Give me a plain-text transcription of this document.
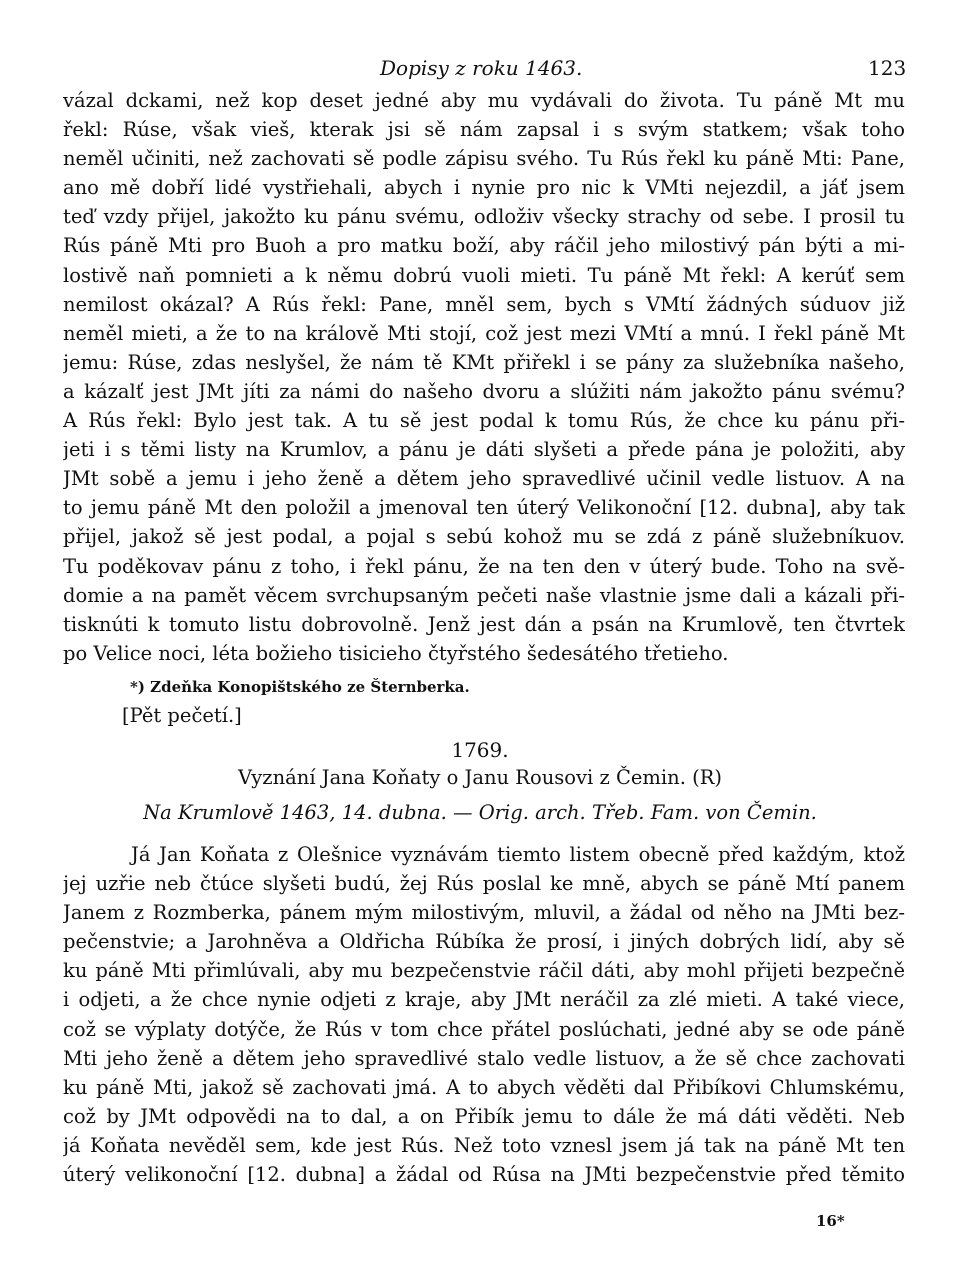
Dopisy z roku 1463.	123
vázal dckami, než kop deset jedné aby mu vydávali do života. Tu páně Mt mu
řekl: Rúse, však vieš, kterak jsi sě nám zapsal i s svým statkem; však toho
neměl učiniti, než zachovati sě podle zápisu svého. Tu Rús řekl ku páně Mti: Pane,
ano mě dobří lidé vystřiehali, abych i nynie pro nic k VMti nejezdil, a jáť jsem
teď vzdy přijel, jakožto ku pánu svému, odloživ všecky strachy od sebe. I prosil tu
Rús páně Mti pro Buoh a pro matku boží, aby ráčil jeho milostivý pán býti a mi-
lostivě naň pomnieti a k němu dobrú vuoli mieti. Tu páně Mt řekl: A kerúť sem
nemilost okázal? A Rús řekl: Pane, mněl sem, bych s VMtí žádných súduov již
neměl mieti, a že to na králově Mti stojí, což jest mezi VMtí a mnú. I řekl páně Mt
jemu: Rúse, zdas neslyšel, že nám tě KMt přiřekl i se pány za služebníka našeho,
a kázalť jest JMt jíti za námi do našeho dvoru a slúžiti nám jakožto pánu svému?
A Rús řekl: Bylo jest tak. A tu sě jest podal k tomu Rús, že chce ku pánu při-
jeti i s těmi listy na Krumlov, a pánu je dáti slyšeti a přede pána je položiti, aby
JMt sobě a jemu i jeho ženě a dětem jeho spravedlivé učinil vedle listuov. A na
to jemu páně Mt den položil a jmenoval ten úterý Velikonoční [12. dubna], aby tak
přijel, jakož sě jest podal, a pojal s sebú kohož mu se zdá z páně služebníkuov.
Tu poděkovav pánu z toho, i řekl pánu, že na ten den v úterý bude. Toho na svě-
domie a na pamět věcem svrchupsaným pečeti naše vlastnie jsme dali a kázali při-
tisknúti k tomuto listu dobrovolně. Jenž jest dán a psán na Krumlově, ten čtvrtek
po Velice noci, léta božieho tisicieho čtyřstého šedesátého třetieho.
*) Zdeňka Konopištského ze Šternberka.
[Pět pečetí.]
1769.
Vyznání Jana Koňaty o Janu Rousovi z Čemin. (R)
Na Krumlově 1463, 14. dubna. — Orig. arch. Třeb. Fam. von Čemin.
Já Jan Koňata z Olešnice vyznávám tiemto listem obecně před každým, ktož
jej uzřie neb čtúce slyšeti budú, žej Rús poslal ke mně, abych se páně Mtí panem
Janem z Rozmberka, pánem mým milostivým, mluvil, a žádal od něho na JMti bez-
pečenstvie; a Jarohněva a Oldřicha Rúbíka že prosí, i jiných dobrých lidí, aby sě
ku páně Mti přimlúvali, aby mu bezpečenstvie ráčil dáti, aby mohl přijeti bezpečně
i odjeti, a že chce nynie odjeti z kraje, aby JMt neráčil za zlé mieti. A také viece,
což se výplaty dotýče, že Rús v tom chce přátel poslúchati, jedné aby se ode páně
Mti jeho ženě a dětem jeho spravedlivé stalo vedle listuov, a že sě chce zachovati
ku páně Mti, jakož sě zachovati jmá. A to abych věděti dal Přibíkovi Chlumskému,
což by JMt odpovědi na to dal, a on Přibík jemu to dále že má dáti věděti. Neb
já Koňata nevěděl sem, kde jest Rús. Než toto vznesl jsem já tak na páně Mt ten
úterý velikonoční [12. dubna] a žádal od Rúsa na JMti bezpečenstvie před těmito
16*
